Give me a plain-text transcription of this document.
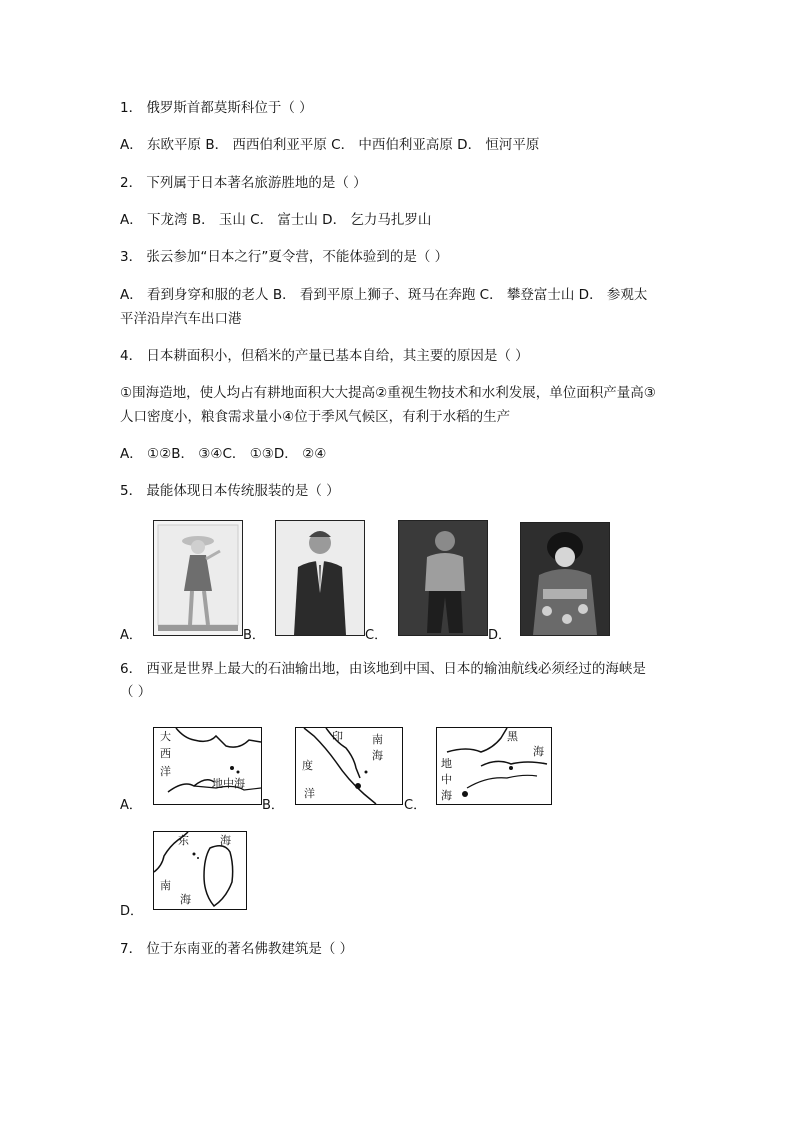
1． 俄罗斯首都莫斯科位于（ ）
A． 东欧平原 B． 西西伯利亚平原 C． 中西伯利亚高原 D． 恒河平原
2． 下列属于日本著名旅游胜地的是（ ）
A． 下龙湾 B． 玉山 C． 富士山 D． 乞力马扎罗山
3． 张云参加“日本之行”夏令营，不能体验到的是（ ）
A． 看到身穿和服的老人 B． 看到平原上狮子、斑马在奔跑 C． 攀登富士山 D． 参观太
平洋沿岸汽车出口港
4． 日本耕面积小，但稻米的产量已基本自给，其主要的原因是（ ）
①围海造地，使人均占有耕地面积大大提高②重视生物技术和水利发展，单位面积产量高③
人口密度小，粮食需求量小④位于季风气候区，有利于水稻的生产
A． ①②B． ③④C． ①③D． ②④
5． 最能体现日本传统服装的是（ ）
A．	B．	C．	D．
6． 西亚是世界上最大的石油输出地，由该地到中国、日本的输油航线必须经过的海峡是
（ ）
A．
大
西
洋
地中海
B．
印	南
海
度
洋
C．
黑
海
地
中
海
D．
东	海
南
海
7． 位于东南亚的著名佛教建筑是（ ）
